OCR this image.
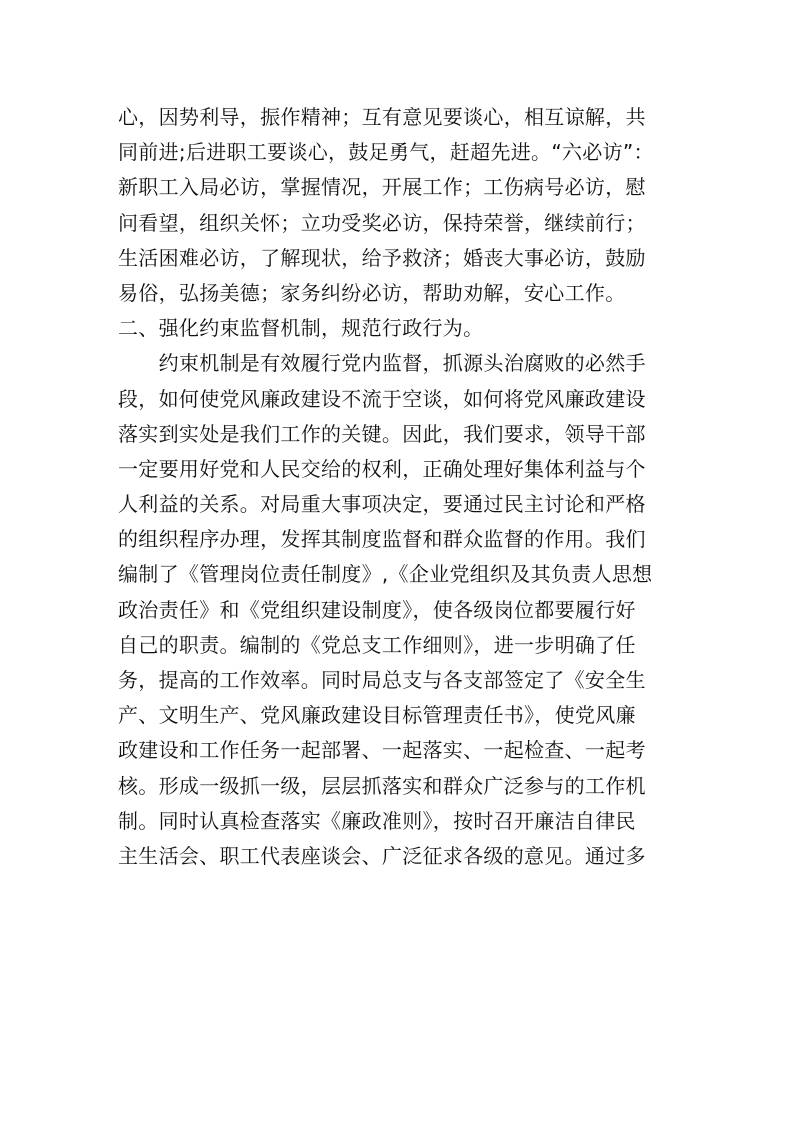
心，因势利导，振作精神；互有意见要谈心，相互谅解，共
同前进;后进职工要谈心，鼓足勇气，赶超先进。“六必访”：
新职工入局必访，掌握情况，开展工作；工伤病号必访，慰
问看望，组织关怀；立功受奖必访，保持荣誉，继续前行；
生活困难必访，了解现状，给予救济；婚丧大事必访，鼓励
易俗，弘扬美德；家务纠纷必访，帮助劝解，安心工作。
二、强化约束监督机制，规范行政行为。
　　约束机制是有效履行党内监督，抓源头治腐败的必然手
段，如何使党风廉政建设不流于空谈，如何将党风廉政建设
落实到实处是我们工作的关键。因此，我们要求，领导干部
一定要用好党和人民交给的权利，正确处理好集体利益与个
人利益的关系。对局重大事项决定，要通过民主讨论和严格
的组织程序办理，发挥其制度监督和群众监督的作用。我们
编制了《管理岗位责任制度》,《企业党组织及其负责人思想
政治责任》和《党组织建设制度》，使各级岗位都要履行好
自己的职责。编制的《党总支工作细则》，进一步明确了任
务，提高的工作效率。同时局总支与各支部签定了《安全生
产、文明生产、党风廉政建设目标管理责任书》，使党风廉
政建设和工作任务一起部署、一起落实、一起检查、一起考
核。形成一级抓一级，层层抓落实和群众广泛参与的工作机
制。同时认真检查落实《廉政准则》，按时召开廉洁自律民
主生活会、职工代表座谈会、广泛征求各级的意见。通过多
